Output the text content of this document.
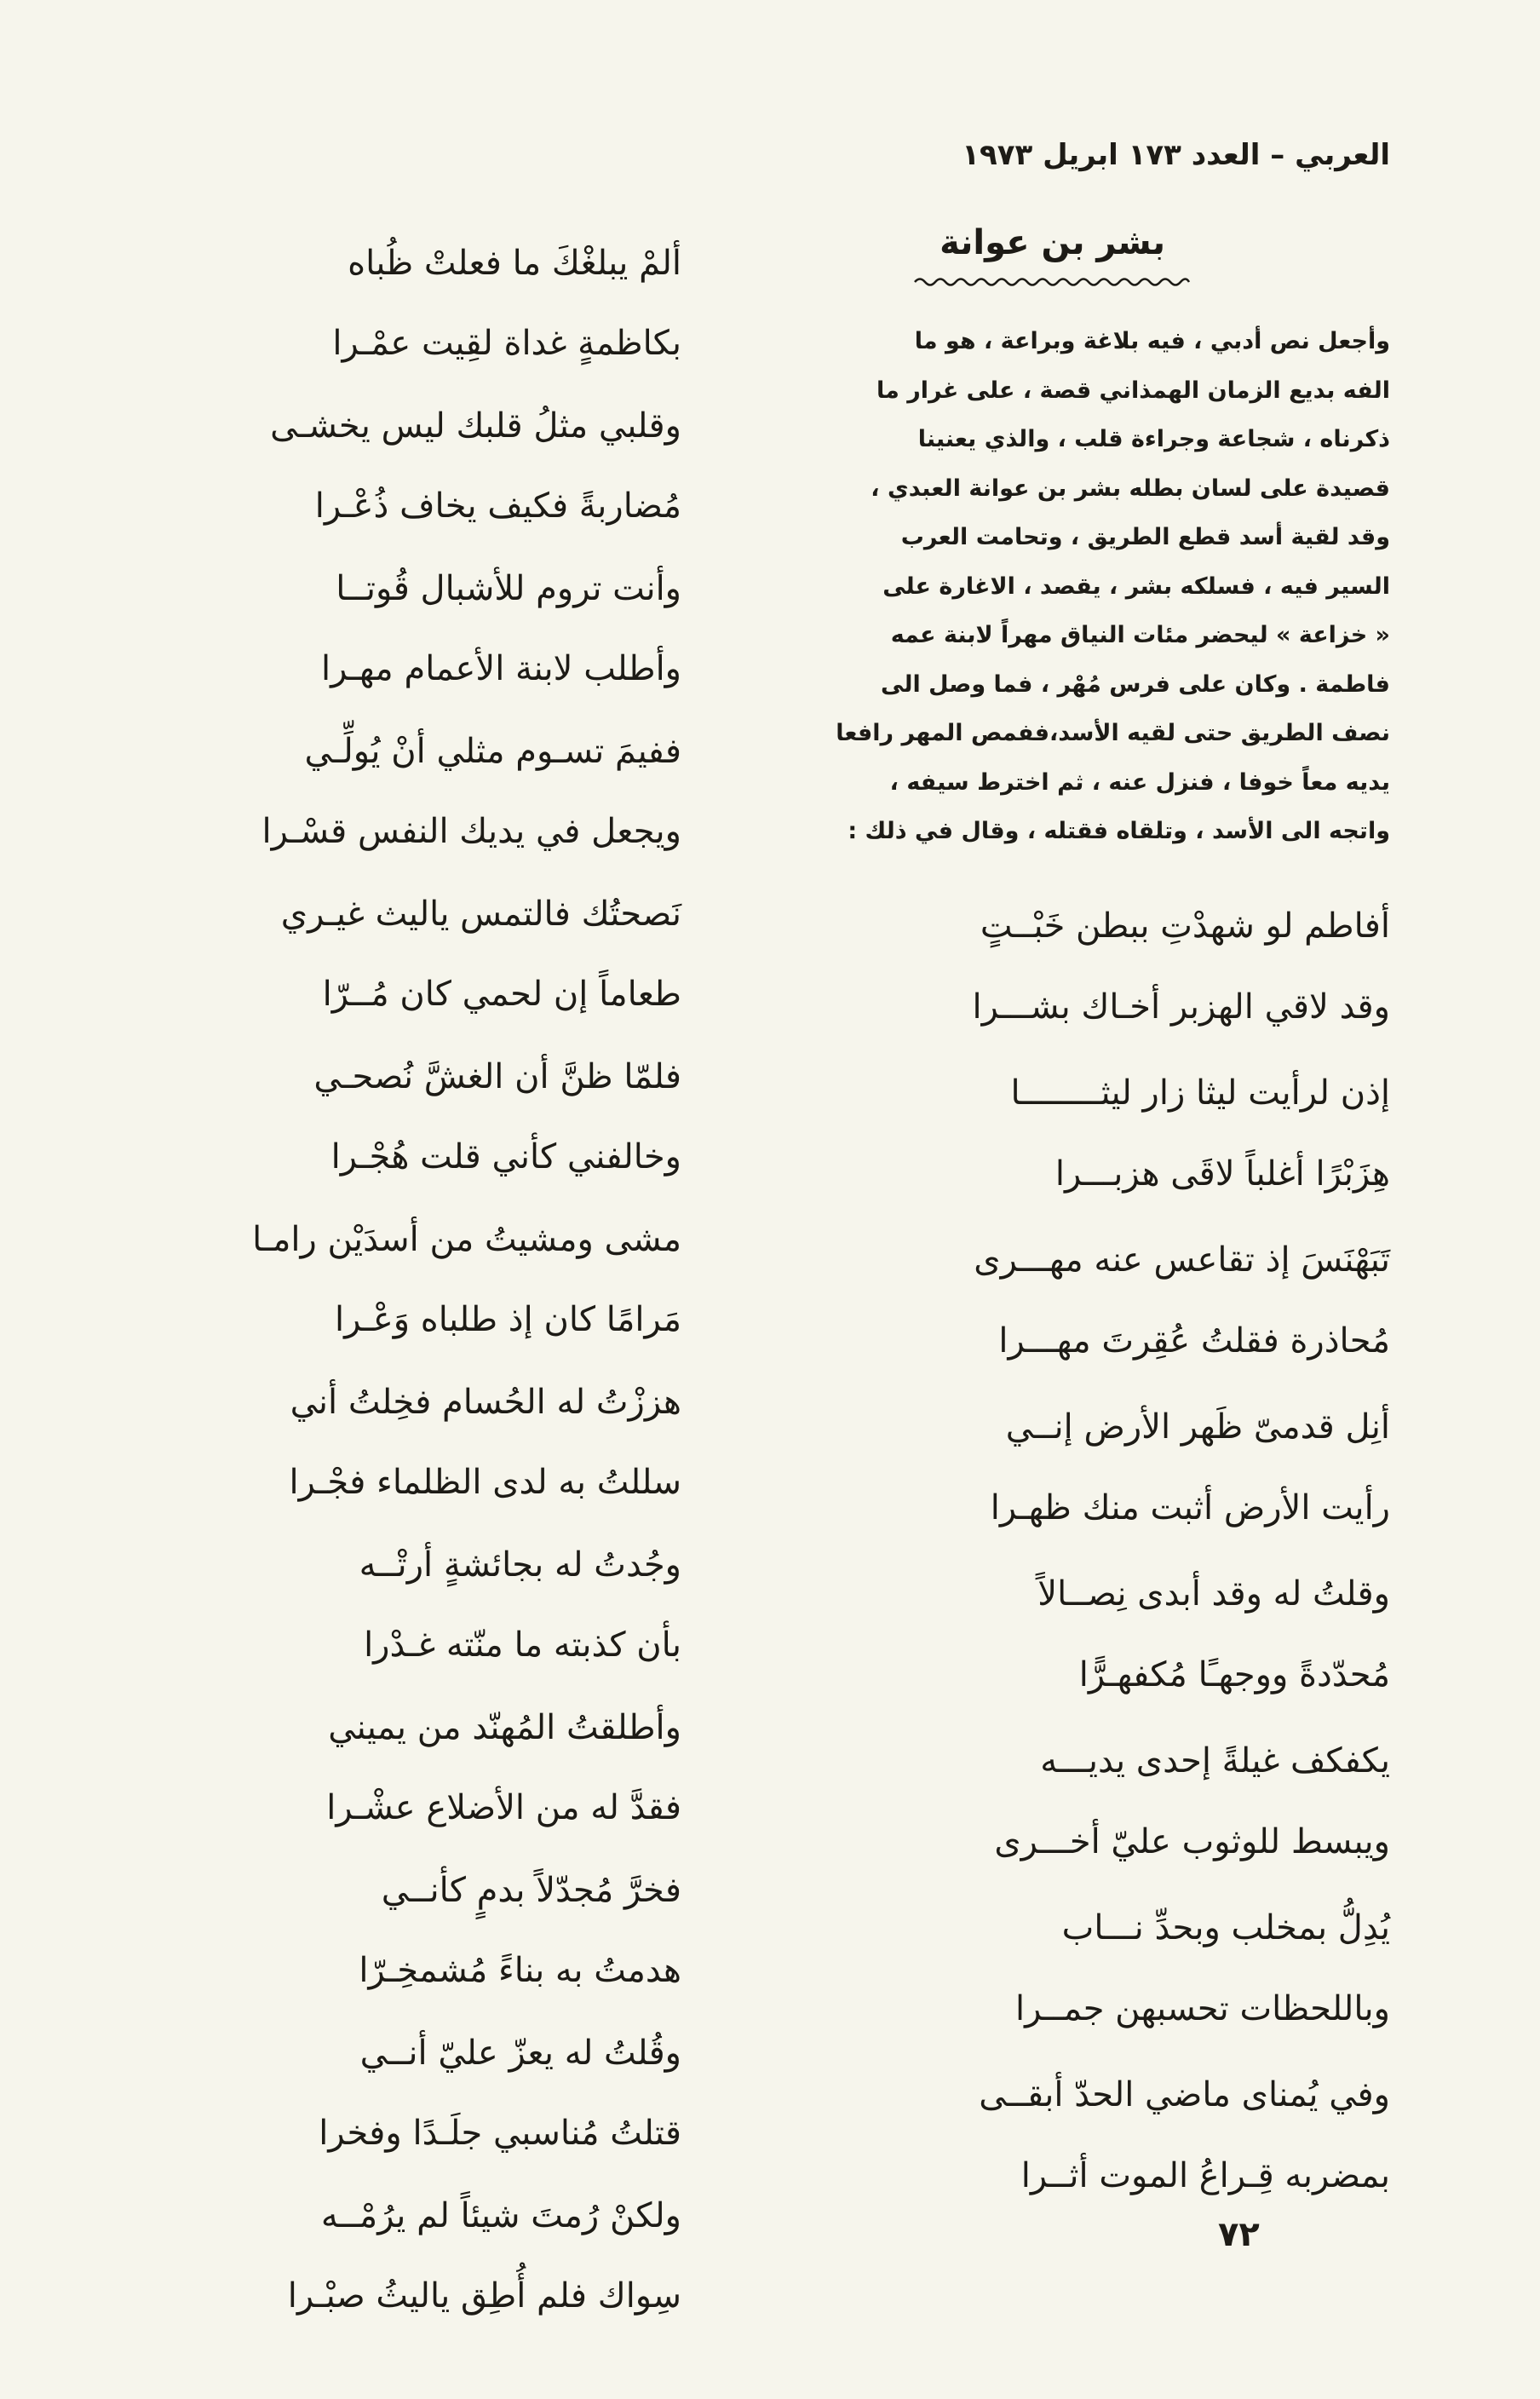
العربي – العدد ١٧٣ ابريل ١٩٧٣
بشر بن عوانة
وأجعل نص أدبي ، فيه بلاغة وبراعة ، هو ما
الفه بديع الزمان الهمذاني قصة ، على غرار ما
ذكرناه ، شجاعة وجراءة قلب ، والذي يعنينا
قصيدة على لسان بطله بشر بن عوانة العبدي ،
وقد لقية أسد قطع الطريق ، وتحامت العرب
السير فيه ، فسلكه بشر ، يقصد ، الاغارة على
« خزاعة » ليحضر مئات النياق مهراً لابنة عمه
فاطمة . وكان على فرس مُهْر ، فما وصل الى
نصف الطريق حتى لقيه الأسد،ففمص المهر رافعا
يديه معاً خوفا ، فنزل عنه ، ثم اخترط سيفه ،
واتجه الى الأسد ، وتلقاه فقتله ، وقال في ذلك :
أفاطم لو شهدْتِ ببطن خَبْــتٍ
وقد لاقي الهزبر أخـاك بشـــرا
إذن لرأيت ليثا زار ليثــــــــا
هِزَبْرًا أغلباً لاقَى هزبـــرا
تَبَهْنَسَ إذ تقاعس عنه مهـــرى
مُحاذرة فقلتُ عُقِرتَ مهـــرا
أنِل قدمىّ ظَهر الأرض إنــي
رأيت الأرض أثبت منك ظهـرا
وقلتُ له وقد أبدى نِصــالاً
مُحدّدةً ووجهـًا مُكفهـرًّا
يكفكف غيلةً إحدى يديـــه
ويبسط للوثوب عليّ أخـــرى
يُدِلُّ بمخلب وبحدِّ نـــاب
وباللحظات تحسبهن جمــرا
وفي يُمناى ماضي الحدّ أبقــى
بمضربه قِـراعُ الموت أثــرا
ألمْ يبلغْكَ ما فعلتْ ظُباه
بكاظمةٍ غداة لقِيت عمْـرا
وقلبي مثلُ قلبك ليس يخشـى
مُضاربةً فكيف يخاف ذُعْـرا
وأنت تروم للأشبال قُوتــا
وأطلب لابنة الأعمام مهـرا
ففيمَ تسـوم مثلي أنْ يُولِّـي
ويجعل في يديك النفس قسْـرا
نَصحتُك فالتمس ياليث غيـري
طعاماً إن لحمي كان مُــرّا
فلمّا ظنَّ أن الغشَّ نُصحـي
وخالفني كأني قلت هُجْـرا
مشى ومشيتُ من أسدَيْن رامـا
مَرامًا كان إذ طلباه وَعْـرا
هززْتُ له الحُسام فخِلتُ أني
سللتُ به لدى الظلماء فجْـرا
وجُدتُ له بجائشةٍ أرتْــه
بأن كذبته ما منّته غـدْرا
وأطلقتُ المُهنّد من يميني
فقدَّ له من الأضلاع عشْـرا
فخرَّ مُجدّلاً بدمٍ كأنــي
هدمتُ به بناءً مُشمخِـرّا
وقُلتُ له يعزّ عليّ أنــي
قتلتُ مُناسبي جلَـدًا وفخرا
ولكنْ رُمتَ شيئاً لم يرُمْــه
سِواك فلم أُطِق ياليثُ صبْـرا
٧٢
